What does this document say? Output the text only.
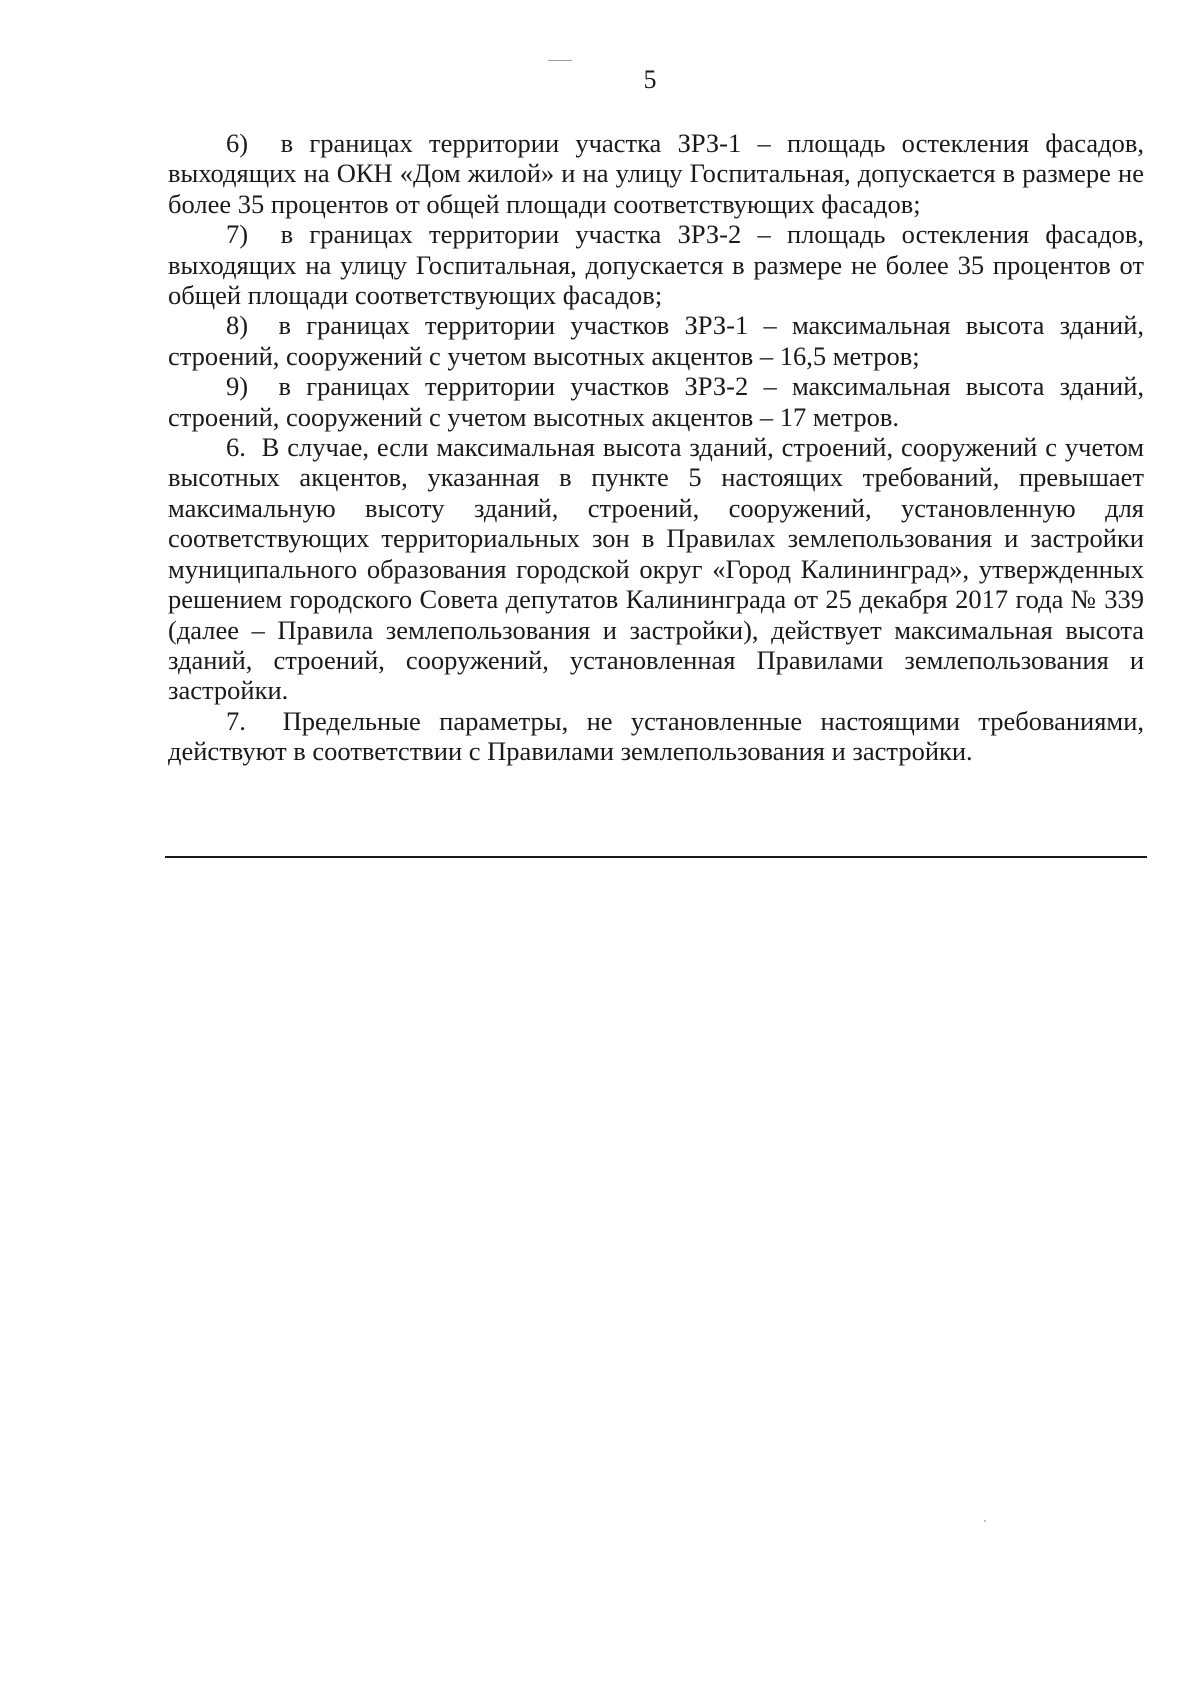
5

6)  в границах территории участка ЗРЗ-1 – площадь остекления фасадов, выходящих на ОКН «Дом жилой» и на улицу Госпитальная, допускается в размере не более 35 процентов от общей площади соответствующих фасадов;

7)  в границах территории участка ЗРЗ-2 – площадь остекления фасадов, выходящих на улицу Госпитальная, допускается в размере не более 35 процентов от общей площади соответствующих фасадов;

8)  в границах территории участков ЗРЗ-1 – максимальная высота зданий, строений, сооружений с учетом высотных акцентов – 16,5 метров;

9)  в границах территории участков ЗРЗ-2 – максимальная высота зданий, строений, сооружений с учетом высотных акцентов – 17 метров.

6.  В случае, если максимальная высота зданий, строений, сооружений с учетом высотных акцентов, указанная в пункте 5 настоящих требований, превышает максимальную высоту зданий, строений, сооружений, установленную для соответствующих территориальных зон в Правилах землепользования и застройки муниципального образования городской округ «Город Калининград», утвержденных решением городского Совета депутатов Калининграда от 25 декабря 2017 года № 339 (далее – Правила землепользования и застройки), действует максимальная высота зданий, строений, сооружений, установленная Правилами землепользования и застройки.

7.  Предельные параметры, не установленные настоящими требованиями, действуют в соответствии с Правилами землепользования и застройки.
